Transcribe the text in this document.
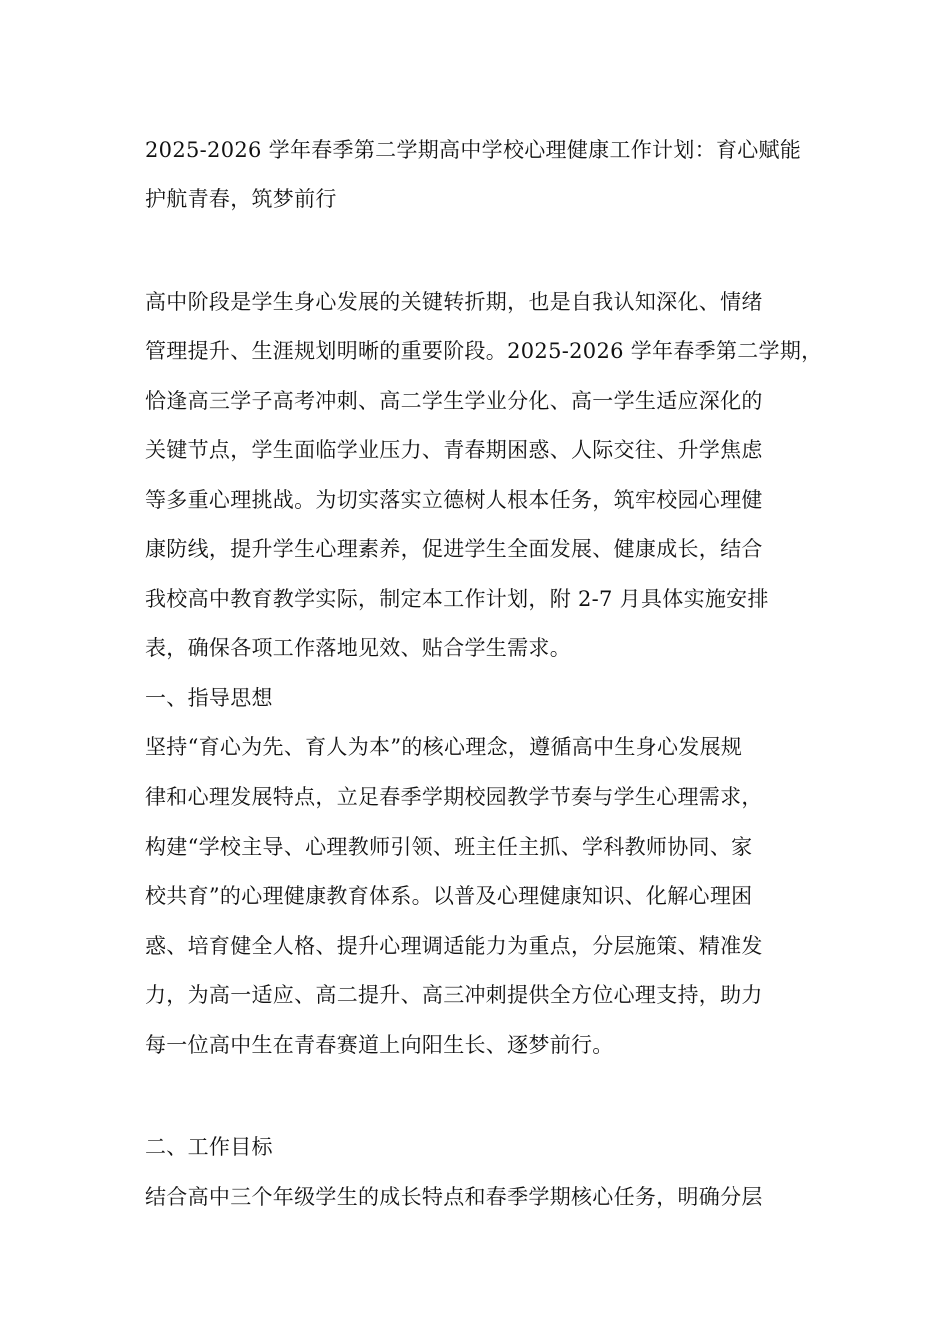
2025-2026 学年春季第二学期高中学校心理健康工作计划：育心赋能
护航青春，筑梦前行
高中阶段是学生身心发展的关键转折期，也是自我认知深化、情绪
管理提升、生涯规划明晰的重要阶段。2025-2026 学年春季第二学期，
恰逢高三学子高考冲刺、高二学生学业分化、高一学生适应深化的
关键节点，学生面临学业压力、青春期困惑、人际交往、升学焦虑
等多重心理挑战。为切实落实立德树人根本任务，筑牢校园心理健
康防线，提升学生心理素养，促进学生全面发展、健康成长，结合
我校高中教育教学实际，制定本工作计划，附 2-7 月具体实施安排
表，确保各项工作落地见效、贴合学生需求。
一、指导思想
坚持“育心为先、育人为本”的核心理念，遵循高中生身心发展规
律和心理发展特点，立足春季学期校园教学节奏与学生心理需求，
构建“学校主导、心理教师引领、班主任主抓、学科教师协同、家
校共育”的心理健康教育体系。以普及心理健康知识、化解心理困
惑、培育健全人格、提升心理调适能力为重点，分层施策、精准发
力，为高一适应、高二提升、高三冲刺提供全方位心理支持，助力
每一位高中生在青春赛道上向阳生长、逐梦前行。
二、工作目标
结合高中三个年级学生的成长特点和春季学期核心任务，明确分层
